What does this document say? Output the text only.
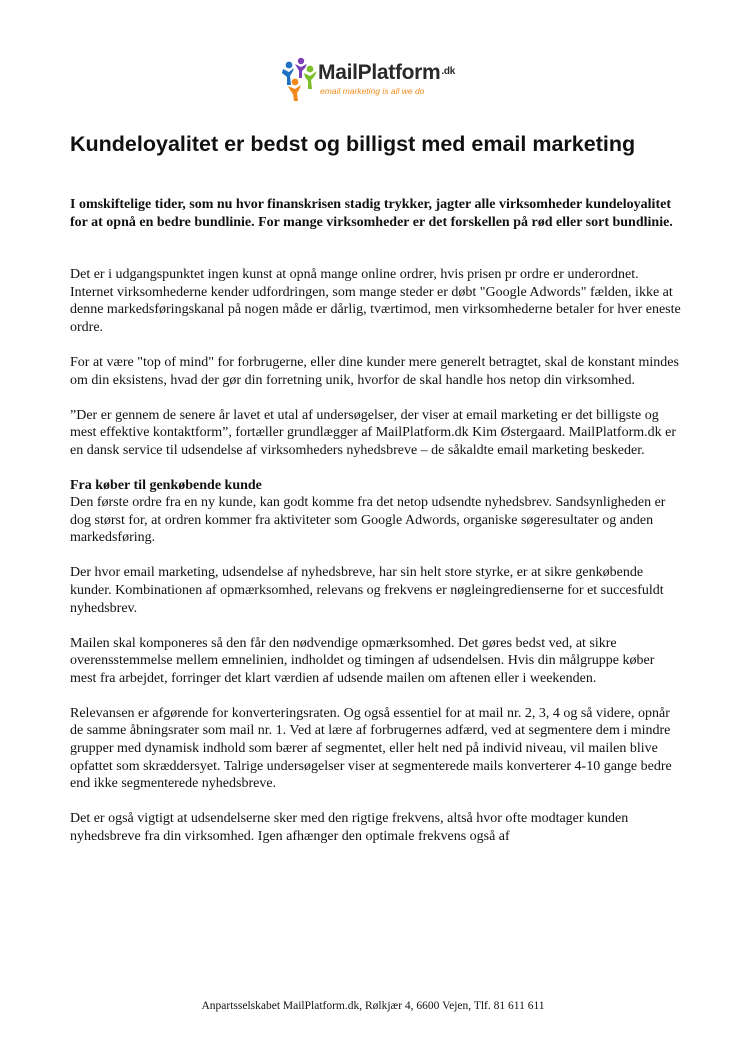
MailPlatform$^{.dk}$
email marketing is all we do
Kundeloyalitet er bedst og billigst med email marketing

I omskiftelige tider, som nu hvor finanskrisen stadig trykker, jagter alle virksomheder kundeloyalitet for at opnå en bedre bundlinie. For mange virksomheder er det forskellen på rød eller sort bundlinie.

Det er i udgangspunktet ingen kunst at opnå mange online ordrer, hvis prisen pr ordre er underordnet. Internet virksomhederne kender udfordringen, som mange steder er døbt "Google Adwords" fælden, ikke at denne markedsføringskanal på nogen måde er dårlig, tværtimod, men virksomhederne betaler for hver eneste ordre.

For at være "top of mind" for forbrugerne, eller dine kunder mere generelt betragtet, skal de konstant mindes om din eksistens, hvad der gør din forretning unik, hvorfor de skal handle hos netop din virksomhed.

”Der er gennem de senere år lavet et utal af undersøgelser, der viser at email marketing er det billigste og mest effektive kontaktform”, fortæller grundlægger af MailPlatform.dk Kim Østergaard. MailPlatform.dk er en dansk service til udsendelse af virksomheders nyhedsbreve – de såkaldte email marketing beskeder.

Fra køber til genkøbende kunde
Den første ordre fra en ny kunde, kan godt komme fra det netop udsendte nyhedsbrev. Sandsynligheden er dog størst for, at ordren kommer fra aktiviteter som Google Adwords, organiske søgeresultater og anden markedsføring.

Der hvor email marketing, udsendelse af nyhedsbreve, har sin helt store styrke, er at sikre genkøbende kunder. Kombinationen af opmærksomhed, relevans og frekvens er nøgleingredienserne for et succesfuldt nyhedsbrev.

Mailen skal komponeres så den får den nødvendige opmærksomhed. Det gøres bedst ved, at sikre overensstemmelse mellem emnelinien, indholdet og timingen af udsendelsen. Hvis din målgruppe køber mest fra arbejdet, forringer det klart værdien af udsende mailen om aftenen eller i weekenden.

Relevansen er afgørende for konverteringsraten. Og også essentiel for at mail nr. 2, 3, 4 og så videre, opnår de samme åbningsrater som mail nr. 1. Ved at lære af forbrugernes adfærd, ved at segmentere dem i mindre grupper med dynamisk indhold som bærer af segmentet, eller helt ned på individ niveau, vil mailen blive opfattet som skræddersyet. Talrige undersøgelser viser at segmenterede mails konverterer 4-10 gange bedre end ikke segmenterede nyhedsbreve.

Det er også vigtigt at udsendelserne sker med den rigtige frekvens, altså hvor ofte modtager kunden nyhedsbreve fra din virksomhed. Igen afhænger den optimale frekvens også af

Anpartsselskabet MailPlatform.dk, Rølkjær 4, 6600 Vejen, Tlf. 81 611 611
